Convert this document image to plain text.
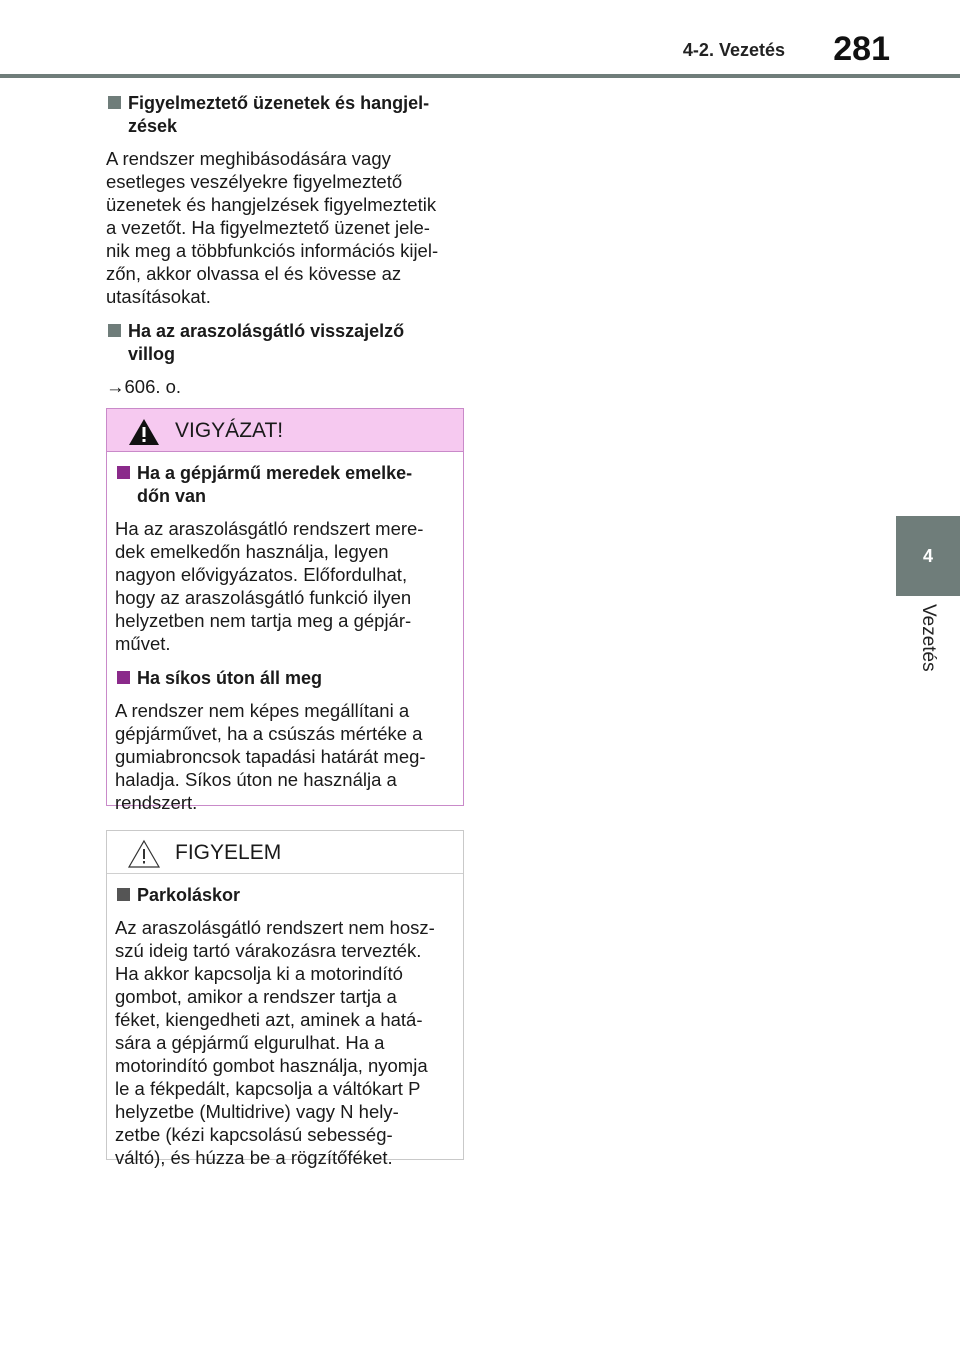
4-2. Vezetés	281
4
Vezetés
Figyelmeztető üzenetek és hangjel-
zések
A rendszer meghibásodására vagy
esetleges veszélyekre figyelmeztető
üzenetek és hangjelzések figyelmeztetik
a vezetőt. Ha figyelmeztető üzenet jele-
nik meg a többfunkciós információs kijel-
zőn, akkor olvassa el és kövesse az
utasításokat.
Ha az araszolásgátló visszajelző
villog
→606. o.
VIGYÁZAT!
Ha a gépjármű meredek emelke-
dőn van
Ha az araszolásgátló rendszert mere-
dek emelkedőn használja, legyen
nagyon elővigyázatos. Előfordulhat,
hogy az araszolásgátló funkció ilyen
helyzetben nem tartja meg a gépjár-
művet.
Ha síkos úton áll meg
A rendszer nem képes megállítani a
gépjárművet, ha a csúszás mértéke a
gumiabroncsok tapadási határát meg-
haladja. Síkos úton ne használja a
rendszert.
FIGYELEM
Parkoláskor
Az araszolásgátló rendszert nem hosz-
szú ideig tartó várakozásra tervezték.
Ha akkor kapcsolja ki a motorindító
gombot, amikor a rendszer tartja a
féket, kiengedheti azt, aminek a hatá-
sára a gépjármű elgurulhat. Ha a
motorindító gombot használja, nyomja
le a fékpedált, kapcsolja a váltókart P
helyzetbe (Multidrive) vagy N hely-
zetbe (kézi kapcsolású sebesség-
váltó), és húzza be a rögzítőféket.
